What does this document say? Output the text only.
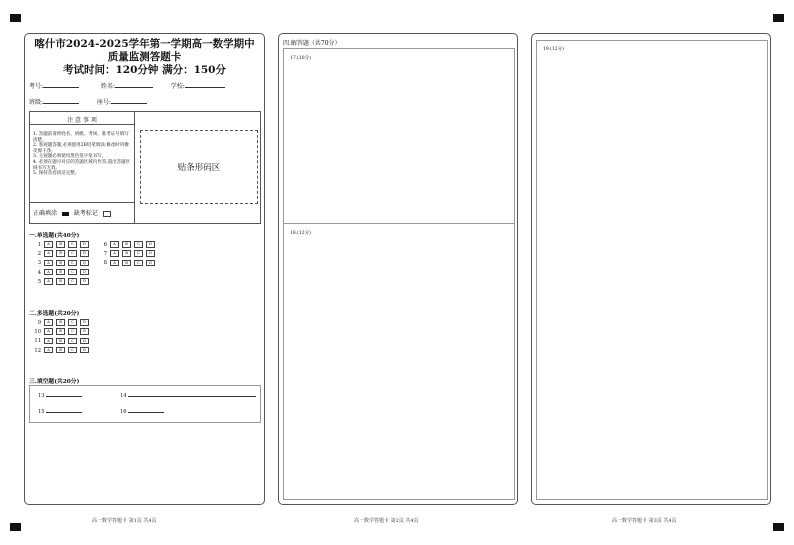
喀什市2024-2025学年第一学期高一数学期中
质量监测答题卡
考试时间：120分钟 满分：150分
考号:	姓名:	学校:
班级:	座号:
注 意 事 项
1. 答题前请将姓名、班级、考场、准考证号填写清楚。
2. 客观题答题,必须使用2B铅笔填涂,修改时用橡皮擦干净。
3. 主观题必须使用黑色签字笔书写。
4. 必须在题号对应的答题区域内作答,超出答题区域书写无效。
5. 保持答卷清洁完整。
正确填涂	缺考标记
贴条形码区
一.单选题(共40分)
二.多选题(共20分)
三.填空题(共20分)
13	14
15	16
1 A	B	C	D
2 A	B	C	D
3 A	B	C	D
4 A	B	C	D
5 A	B	C	D
6 A	B	C	D
7 A	B	C	D
8 A	B	C	D
9 A	B	C	D
10 A	B	C	D
11 A	B	C	D
12 A	B	C	D
四.解答题（共70分）
17.(10分)
18.(12分)
19.(12分)
高一数学答题卡 第1页 共4页	高一数学答题卡 第2页 共4页	高一数学答题卡 第3页 共4页
